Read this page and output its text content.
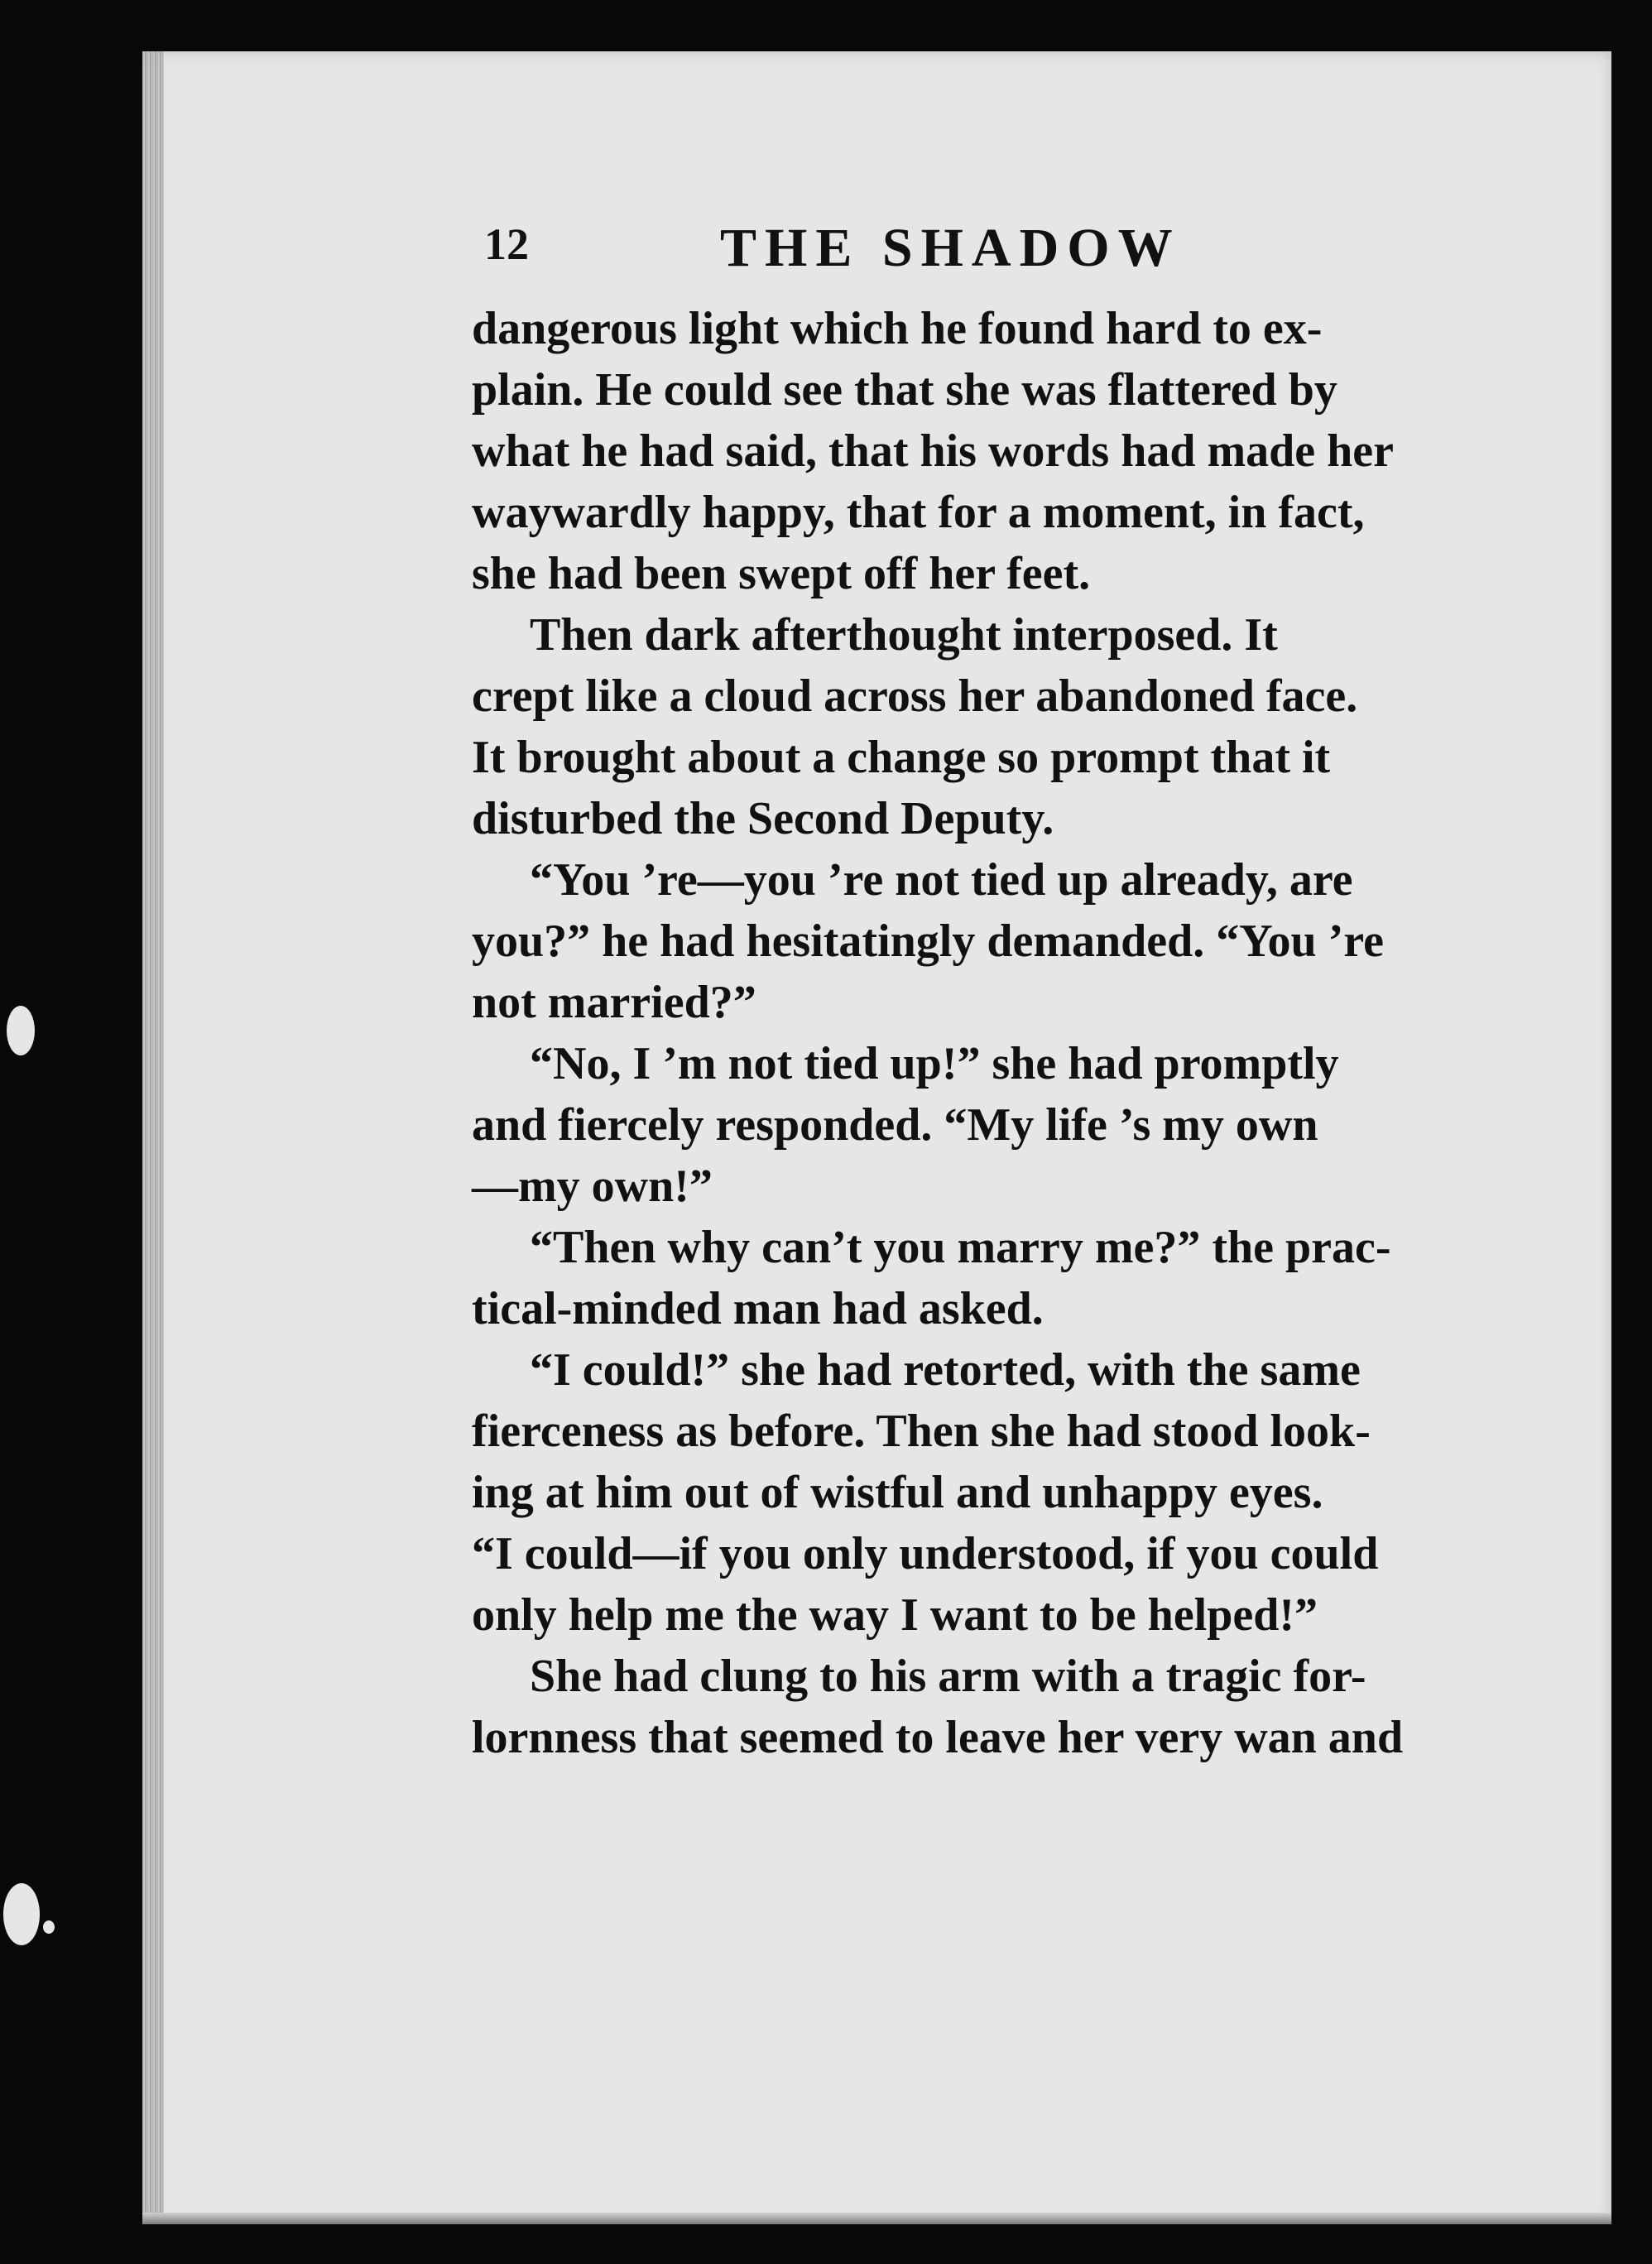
12	THE SHADOW
dangerous light which he found hard to ex-
plain. He could see that she was flattered by
what he had said, that his words had made her
waywardly happy, that for a moment, in fact,
she had been swept off her feet.
Then dark afterthought interposed. It
crept like a cloud across her abandoned face.
It brought about a change so prompt that it
disturbed the Second Deputy.
“You ’re—you ’re not tied up already, are
you?” he had hesitatingly demanded. “You ’re
not married?”
“No, I ’m not tied up!” she had promptly
and fiercely responded. “My life ’s my own
—my own!”
“Then why can’t you marry me?” the prac-
tical-minded man had asked.
“I could!” she had retorted, with the same
fierceness as before. Then she had stood look-
ing at him out of wistful and unhappy eyes.
“I could—if you only understood, if you could
only help me the way I want to be helped!”
She had clung to his arm with a tragic for-
lornness that seemed to leave her very wan and
